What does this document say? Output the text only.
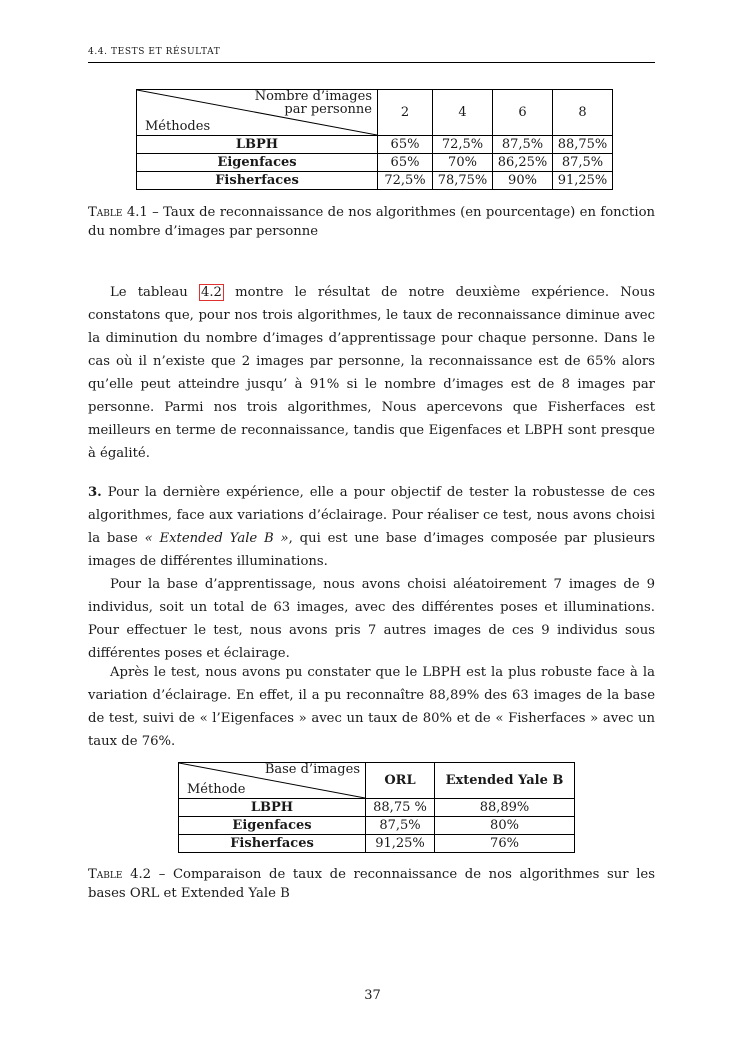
4.4. TESTS ET RÉSULTAT
Nombre d’images
par personne
Méthodes	2	4	6	8
LBPH	65%	72,5%	87,5%	88,75%
Eigenfaces	65%	70%	86,25%	87,5%
Fisherfaces	72,5%	78,75%	90%	91,25%
Table 4.1 – Taux de reconnaissance de nos algorithmes (en pourcentage) en fonction du nombre d’images par personne
Le tableau 4.2 montre le résultat de notre deuxième expérience. Nous constatons que, pour nos trois algorithmes, le taux de reconnaissance diminue avec la diminution du nombre d’images d’apprentissage pour chaque personne. Dans le cas où il n’existe que 2 images par personne, la reconnaissance est de 65% alors qu’elle peut atteindre jusqu’ à 91% si le nombre d’images est de 8 images par personne. Parmi nos trois algorithmes, Nous apercevons que Fisherfaces est meilleurs en terme de reconnaissance, tandis que Eigenfaces et LBPH sont presque à égalité.
3. Pour la dernière expérience, elle a pour objectif de tester la robustesse de ces algorithmes, face aux variations d’éclairage. Pour réaliser ce test, nous avons choisi la base « Extended Yale B », qui est une base d’images composée par plusieurs images de différentes illuminations.
Pour la base d’apprentissage, nous avons choisi aléatoirement 7 images de 9 individus, soit un total de 63 images, avec des différentes poses et illuminations. Pour effectuer le test, nous avons pris 7 autres images de ces 9 individus sous différentes poses et éclairage.
Après le test, nous avons pu constater que le LBPH est la plus robuste face à la variation d’éclairage. En effet, il a pu reconnaître 88,89% des 63 images de la base de test, suivi de « l’Eigenfaces » avec un taux de 80% et de « Fisherfaces » avec un taux de 76%.
Base d’images
Méthode	ORL	Extended Yale B
LBPH	88,75 %	88,89%
Eigenfaces	87,5%	80%
Fisherfaces	91,25%	76%
Table 4.2 – Comparaison de taux de reconnaissance de nos algorithmes sur les bases ORL et Extended Yale B
37
